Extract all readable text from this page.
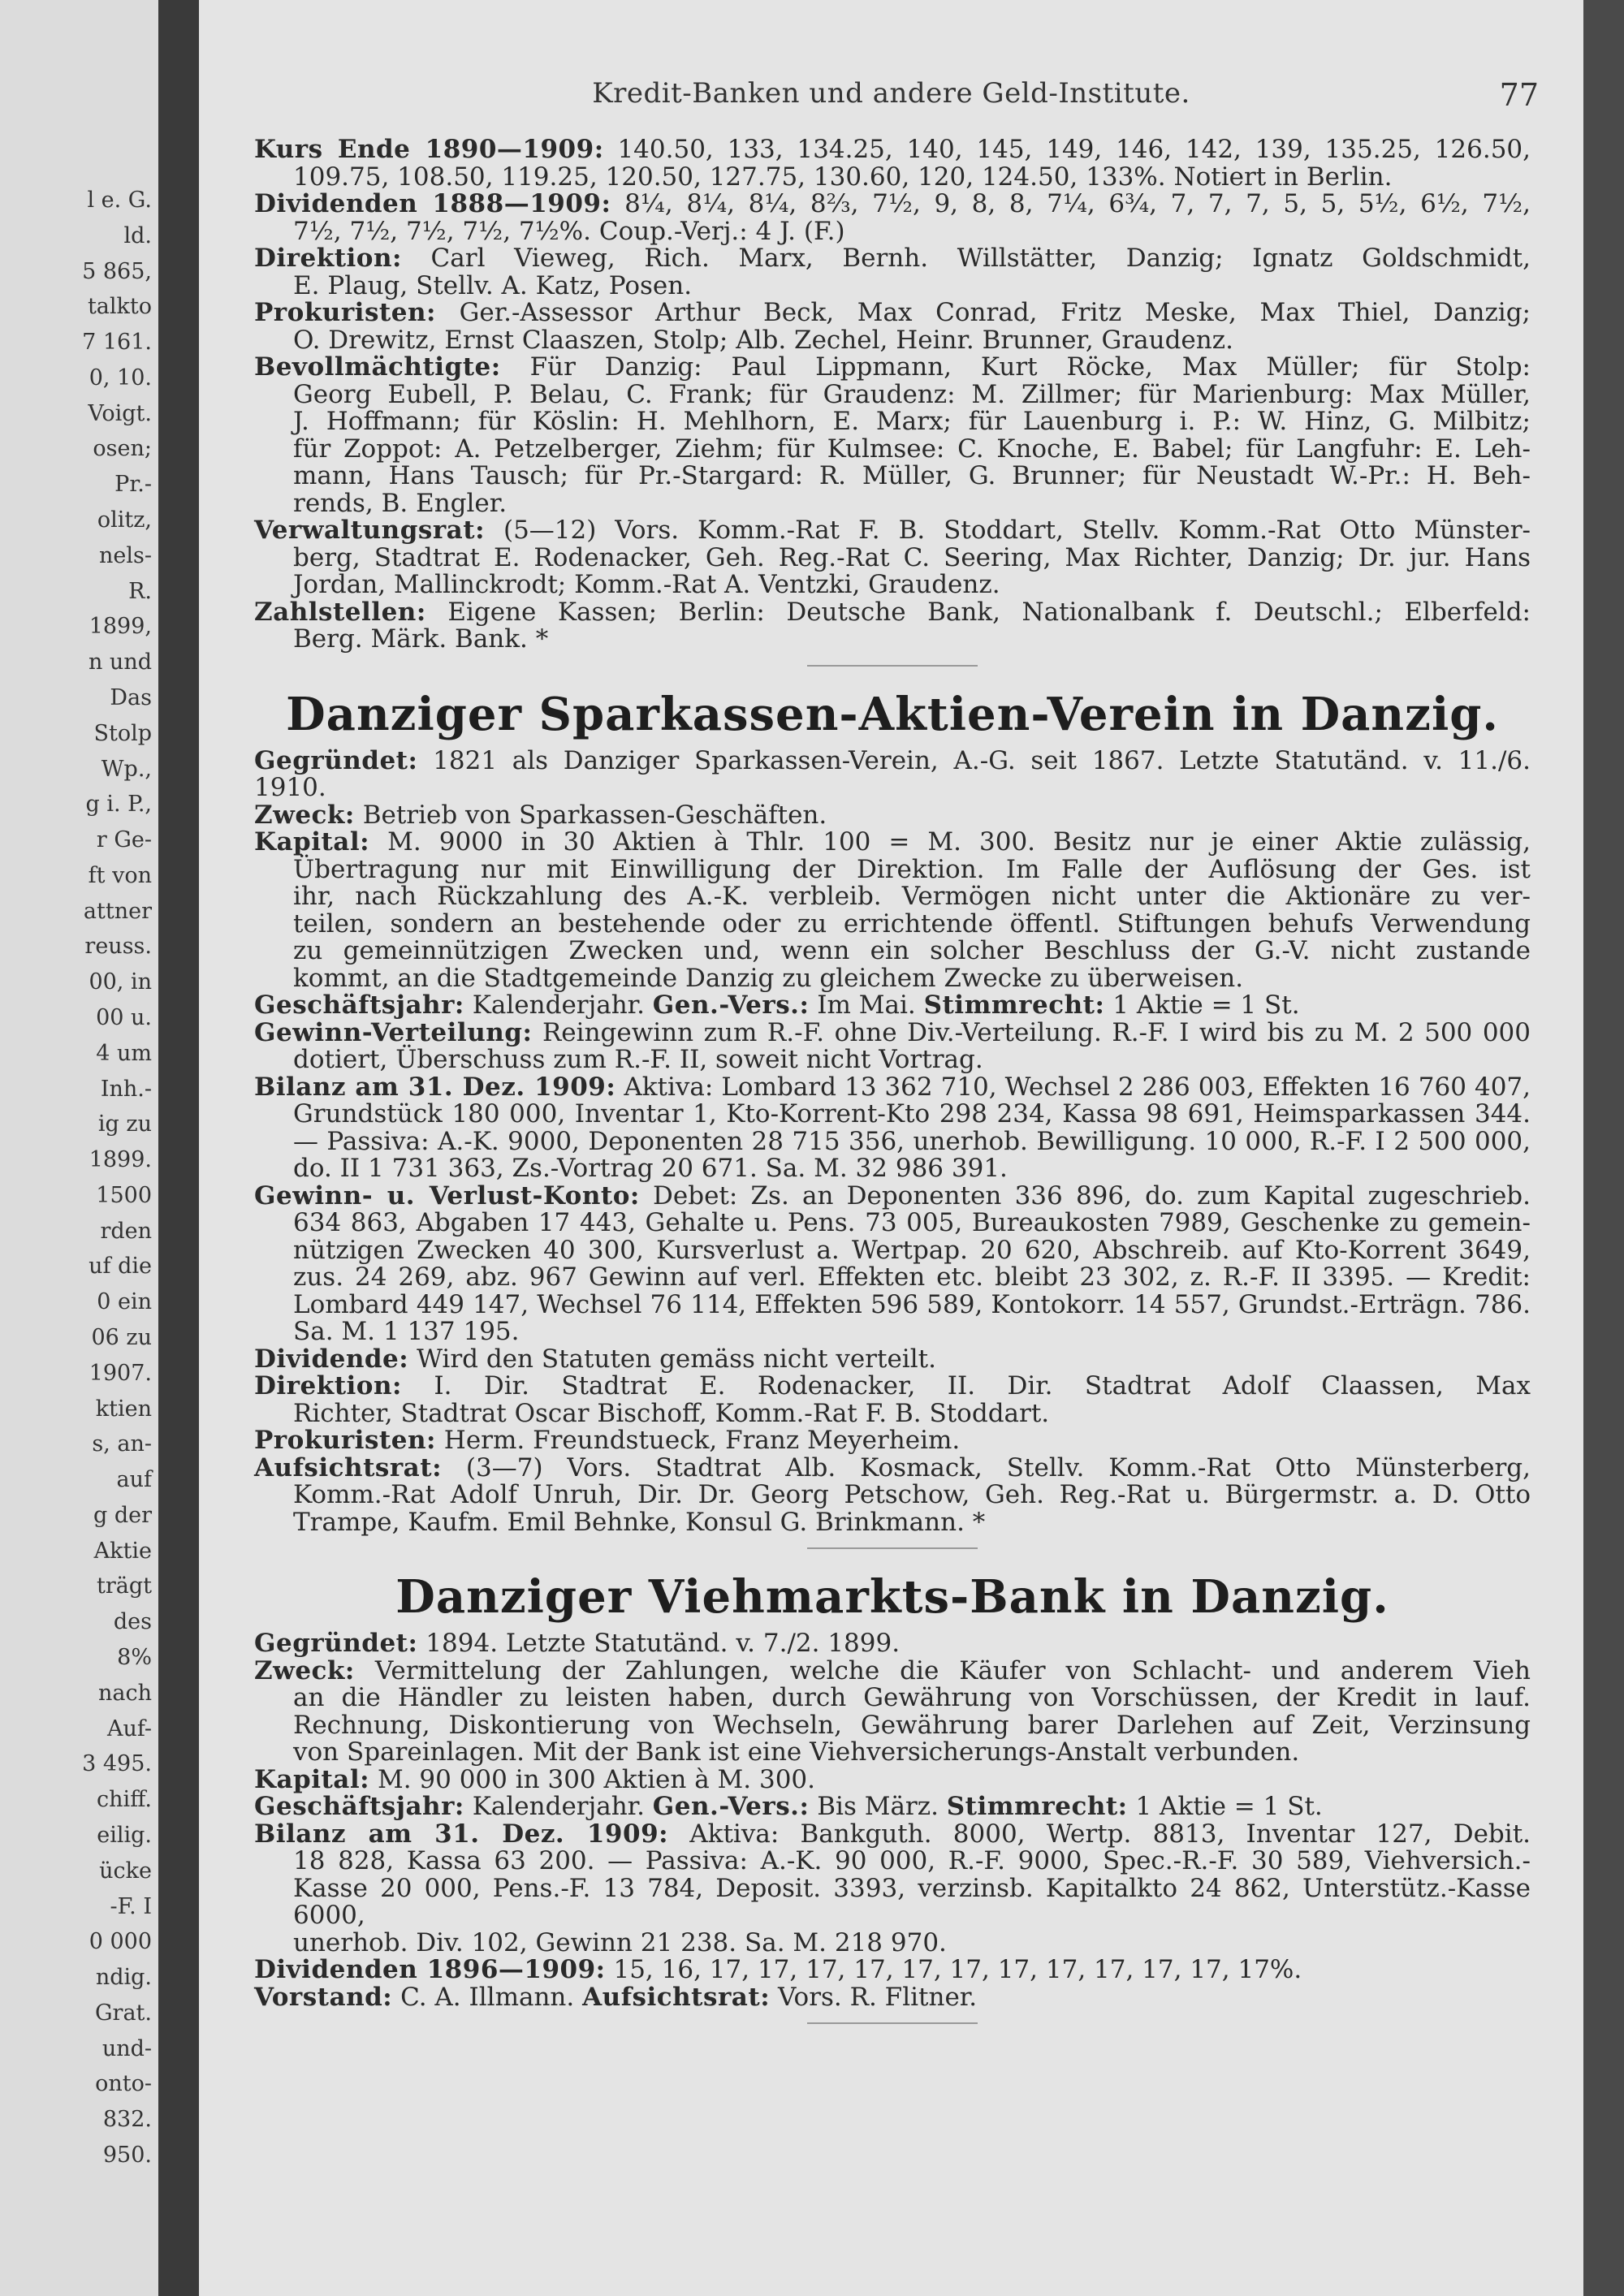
l e. G.
ld.
5 865,
talkto
7 161.
0, 10.
Voigt.
osen;
Pr.-
olitz,
nels-
R.
1899,
n und
Das
Stolp
Wp.,
g i. P.,
r Ge-
ft von
attner
reuss.
00, in
00 u.
4 um
Inh.-
ig zu
1899.
1500
rden
uf die
0 ein
06 zu
1907.
ktien
s, an-
auf
g der
Aktie
trägt
des
8%
nach
Auf-
3 495.
chiff.
eilig.
ücke
-F. I
0 000
ndig.
Grat.
und-
onto-
832.
950.
Kredit-Banken und andere Geld-Institute.	77

Kurs Ende 1890—1909: 140.50, 133, 134.25, 140, 145, 149, 146, 142, 139, 135.25, 126.50,

109.75, 108.50, 119.25, 120.50, 127.75, 130.60, 120, 124.50, 133%. Notiert in Berlin.

Dividenden 1888—1909: 8¼, 8¼, 8¼, 8⅔, 7½, 9, 8, 8, 7¼, 6¾, 7, 7, 7, 5, 5, 5½, 6½, 7½,

7½, 7½, 7½, 7½, 7½%. Coup.-Verj.: 4 J. (F.)

Direktion: Carl Vieweg, Rich. Marx, Bernh. Willstätter, Danzig; Ignatz Goldschmidt,

E. Plaug, Stellv. A. Katz, Posen.

Prokuristen: Ger.-Assessor Arthur Beck, Max Conrad, Fritz Meske, Max Thiel, Danzig;

O. Drewitz, Ernst Claaszen, Stolp; Alb. Zechel, Heinr. Brunner, Graudenz.

Bevollmächtigte: Für Danzig: Paul Lippmann, Kurt Röcke, Max Müller; für Stolp:

Georg Eubell, P. Belau, C. Frank; für Graudenz: M. Zillmer; für Marienburg: Max Müller,

J. Hoffmann; für Köslin: H. Mehlhorn, E. Marx; für Lauenburg i. P.: W. Hinz, G. Milbitz;

für Zoppot: A. Petzelberger, Ziehm; für Kulmsee: C. Knoche, E. Babel; für Langfuhr: E. Leh-

mann, Hans Tausch; für Pr.-Stargard: R. Müller, G. Brunner; für Neustadt W.-Pr.: H. Beh-

rends, B. Engler.

Verwaltungsrat: (5—12) Vors. Komm.-Rat F. B. Stoddart, Stellv. Komm.-Rat Otto Münster-

berg, Stadtrat E. Rodenacker, Geh. Reg.-Rat C. Seering, Max Richter, Danzig; Dr. jur. Hans

Jordan, Mallinckrodt; Komm.-Rat A. Ventzki, Graudenz.

Zahlstellen: Eigene Kassen; Berlin: Deutsche Bank, Nationalbank f. Deutschl.; Elberfeld:

Berg. Märk. Bank. *

Danziger Sparkassen-Aktien-Verein in Danzig.

Gegründet: 1821 als Danziger Sparkassen-Verein, A.-G. seit 1867. Letzte Statutänd. v. 11./6. 1910.

Zweck: Betrieb von Sparkassen-Geschäften.

Kapital: M. 9000 in 30 Aktien à Thlr. 100 = M. 300. Besitz nur je einer Aktie zulässig,

Übertragung nur mit Einwilligung der Direktion. Im Falle der Auflösung der Ges. ist

ihr, nach Rückzahlung des A.-K. verbleib. Vermögen nicht unter die Aktionäre zu ver-

teilen, sondern an bestehende oder zu errichtende öffentl. Stiftungen behufs Verwendung

zu gemeinnützigen Zwecken und, wenn ein solcher Beschluss der G.-V. nicht zustande

kommt, an die Stadtgemeinde Danzig zu gleichem Zwecke zu überweisen.

Geschäftsjahr: Kalenderjahr. Gen.-Vers.: Im Mai. Stimmrecht: 1 Aktie = 1 St.

Gewinn-Verteilung: Reingewinn zum R.-F. ohne Div.-Verteilung. R.-F. I wird bis zu M. 2 500 000

dotiert, Überschuss zum R.-F. II, soweit nicht Vortrag.

Bilanz am 31. Dez. 1909: Aktiva: Lombard 13 362 710, Wechsel 2 286 003, Effekten 16 760 407,

Grundstück 180 000, Inventar 1, Kto-Korrent-Kto 298 234, Kassa 98 691, Heimsparkassen 344.

— Passiva: A.-K. 9000, Deponenten 28 715 356, unerhob. Bewilligung. 10 000, R.-F. I 2 500 000,

do. II 1 731 363, Zs.-Vortrag 20 671. Sa. M. 32 986 391.

Gewinn- u. Verlust-Konto: Debet: Zs. an Deponenten 336 896, do. zum Kapital zugeschrieb.

634 863, Abgaben 17 443, Gehalte u. Pens. 73 005, Bureaukosten 7989, Geschenke zu gemein-

nützigen Zwecken 40 300, Kursverlust a. Wertpap. 20 620, Abschreib. auf Kto-Korrent 3649,

zus. 24 269, abz. 967 Gewinn auf verl. Effekten etc. bleibt 23 302, z. R.-F. II 3395. — Kredit:

Lombard 449 147, Wechsel 76 114, Effekten 596 589, Kontokorr. 14 557, Grundst.-Erträgn. 786.

Sa. M. 1 137 195.

Dividende: Wird den Statuten gemäss nicht verteilt.

Direktion: I. Dir. Stadtrat E. Rodenacker, II. Dir. Stadtrat Adolf Claassen, Max

Richter, Stadtrat Oscar Bischoff, Komm.-Rat F. B. Stoddart.

Prokuristen: Herm. Freundstueck, Franz Meyerheim.

Aufsichtsrat: (3—7) Vors. Stadtrat Alb. Kosmack, Stellv. Komm.-Rat Otto Münsterberg,

Komm.-Rat Adolf Unruh, Dir. Dr. Georg Petschow, Geh. Reg.-Rat u. Bürgermstr. a. D. Otto

Trampe, Kaufm. Emil Behnke, Konsul G. Brinkmann. *

Danziger Viehmarkts-Bank in Danzig.

Gegründet: 1894. Letzte Statutänd. v. 7./2. 1899.

Zweck: Vermittelung der Zahlungen, welche die Käufer von Schlacht- und anderem Vieh

an die Händler zu leisten haben, durch Gewährung von Vorschüssen, der Kredit in lauf.

Rechnung, Diskontierung von Wechseln, Gewährung barer Darlehen auf Zeit, Verzinsung

von Spareinlagen. Mit der Bank ist eine Viehversicherungs-Anstalt verbunden.

Kapital: M. 90 000 in 300 Aktien à M. 300.

Geschäftsjahr: Kalenderjahr. Gen.-Vers.: Bis März. Stimmrecht: 1 Aktie = 1 St.

Bilanz am 31. Dez. 1909: Aktiva: Bankguth. 8000, Wertp. 8813, Inventar 127, Debit.

18 828, Kassa 63 200. — Passiva: A.-K. 90 000, R.-F. 9000, Spec.-R.-F. 30 589, Viehversich.-

Kasse 20 000, Pens.-F. 13 784, Deposit. 3393, verzinsb. Kapitalkto 24 862, Unterstütz.-Kasse 6000,

unerhob. Div. 102, Gewinn 21 238. Sa. M. 218 970.

Dividenden 1896—1909: 15, 16, 17, 17, 17, 17, 17, 17, 17, 17, 17, 17, 17, 17%.

Vorstand: C. A. Illmann. Aufsichtsrat: Vors. R. Flitner.
